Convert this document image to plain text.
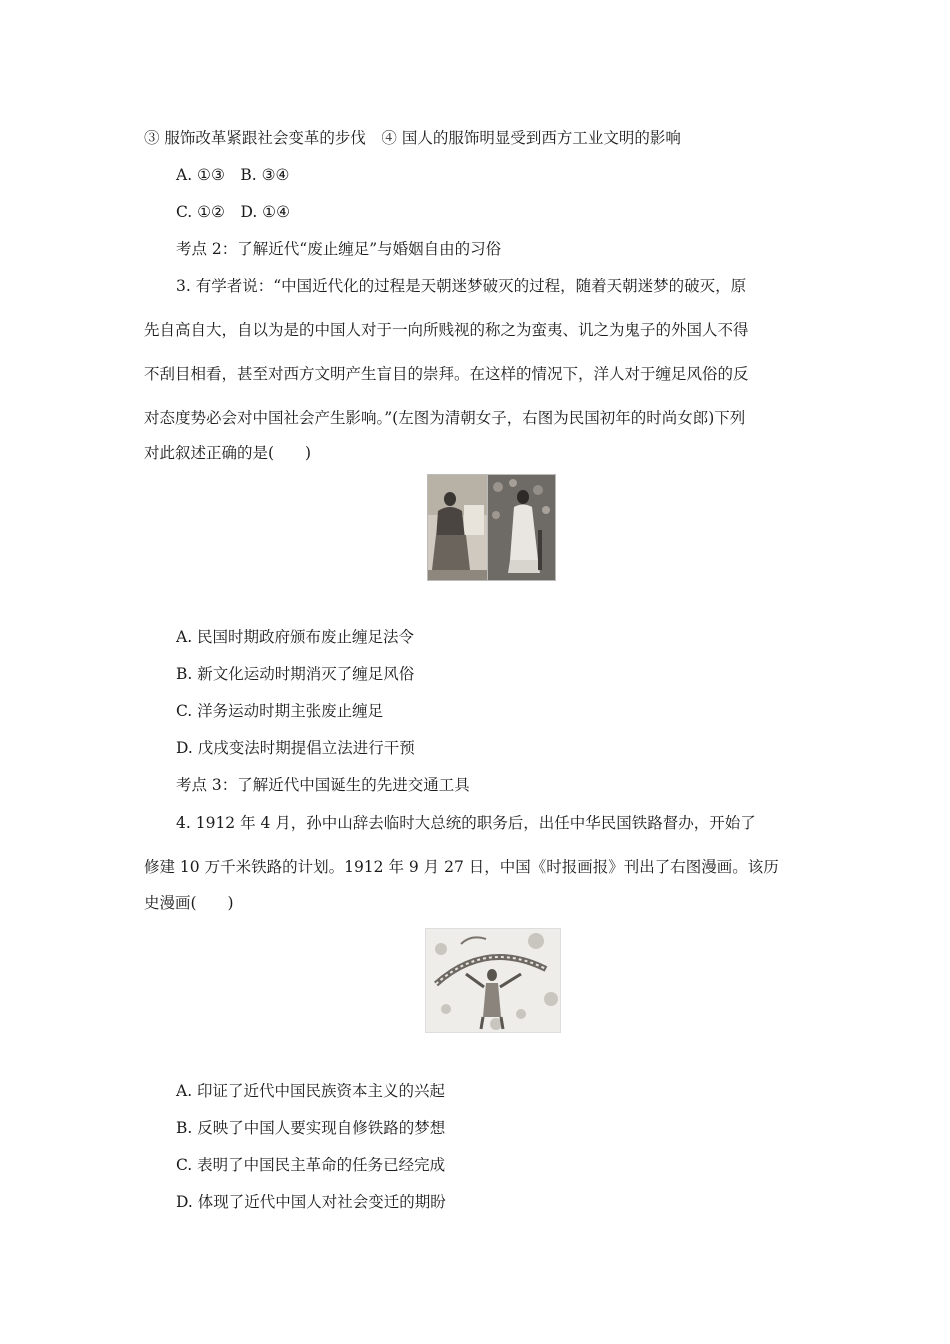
③ 服饰改革紧跟社会变革的步伐　④ 国人的服饰明显受到西方工业文明的影响
A. ①③　B. ③④
C. ①②　D. ①④
考点 2：了解近代“废止缠足”与婚姻自由的习俗
3. 有学者说：“中国近代化的过程是天朝迷梦破灭的过程，随着天朝迷梦的破灭，原
先自高自大，自以为是的中国人对于一向所贱视的称之为蛮夷、讥之为鬼子的外国人不得
不刮目相看，甚至对西方文明产生盲目的崇拜。在这样的情况下，洋人对于缠足风俗的反
对态度势必会对中国社会产生影响。”(左图为清朝女子，右图为民国初年的时尚女郎)下列
对此叙述正确的是(　　)
A. 民国时期政府颁布废止缠足法令
B. 新文化运动时期消灭了缠足风俗
C. 洋务运动时期主张废止缠足
D. 戊戌变法时期提倡立法进行干预
考点 3：了解近代中国诞生的先进交通工具
4. 1912 年 4 月，孙中山辞去临时大总统的职务后，出任中华民国铁路督办，开始了
修建 10 万千米铁路的计划。1912 年 9 月 27 日，中国《时报画报》刊出了右图漫画。该历
史漫画(　　)
A. 印证了近代中国民族资本主义的兴起
B. 反映了中国人要实现自修铁路的梦想
C. 表明了中国民主革命的任务已经完成
D. 体现了近代中国人对社会变迁的期盼
